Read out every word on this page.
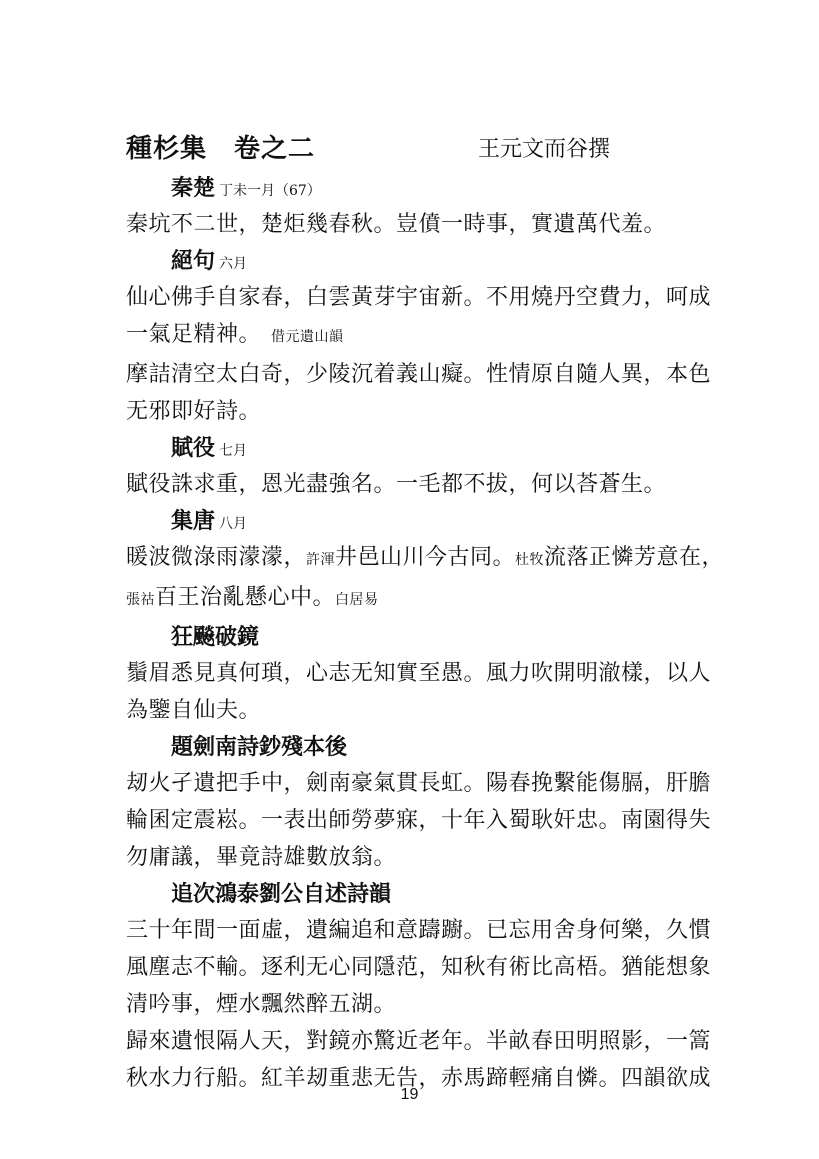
種杉集　卷之二	王元文而谷撰
秦楚 丁未一月（67）
秦坑不二世，楚炬幾春秋。豈僨一時事，實遺萬代羞。
絕句 六月
仙心佛手自家春，白雲黃芽宇宙新。不用燒丹空費力，呵成
一氣足精神。 借元遺山韻
摩詰清空太白奇，少陵沉着義山癡。性情原自隨人異，本色
无邪即好詩。
賦役 七月
賦役誅求重，恩光盡強名。一毛都不拔，何以荅蒼生。
集唐 八月
暖波微淥雨濛濛，許渾井邑山川今古同。杜牧流落正憐芳意在，
張祜百王治亂懸心中。白居易
狂飈破鏡
鬚眉悉見真何瑣，心志无知實至愚。風力吹開明澈樣，以人
為鑒自仙夫。
題劍南詩鈔殘本後
刼火孑遺把手中，劍南豪氣貫長虹。陽春挽繫能傷膈，肝膽
輪囷定震崧。一表出師勞夢寐，十年入蜀耿奸忠。南園得失
勿庸議，畢竟詩雄數放翁。
追次鴻泰劉公自述詩韻
三十年間一面虛，遺編追和意躊躕。已忘用舍身何樂，久慣
風塵志不輸。逐利无心同隱范，知秋有術比高梧。猶能想象
清吟事，煙水飄然醉五湖。
歸來遺恨隔人天，對鏡亦驚近老年。半畝春田明照影，一篙
秋水力行船。紅羊刼重悲无告，赤馬蹄輕痛自憐。四韻欲成
19
